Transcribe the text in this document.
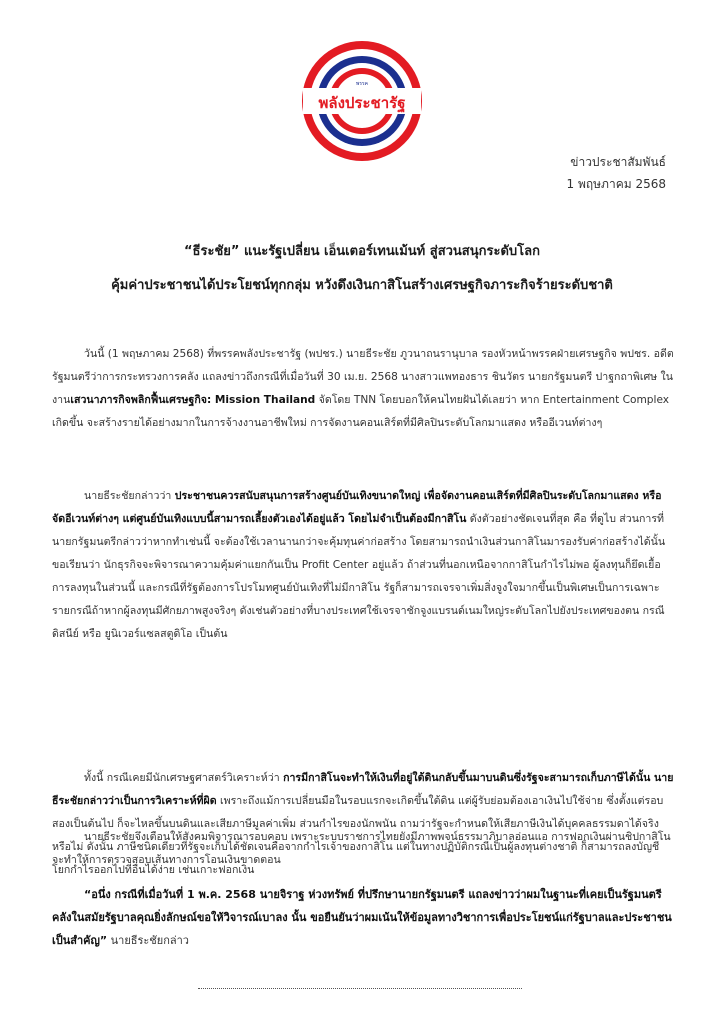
พรรค
พลังประชารัฐ
ข่าวประชาสัมพันธ์
1 พฤษภาคม 2568
“ธีระชัย” แนะรัฐเปลี่ยน เอ็นเตอร์เทนเม้นท์ สู่สวนสนุกระดับโลก
คุ้มค่าประชาชนได้ประโยชน์ทุกกลุ่ม หวังดึงเงินกาสิโนสร้างเศรษฐกิจภาระกิจร้ายระดับชาติ

วันนี้ (1 พฤษภาคม 2568) ที่พรรคพลังประชารัฐ (พปชร.) นายธีระชัย ภูวนาถนรานุบาล รองหัวหน้าพรรคฝ่ายเศรษฐกิจ พปชร. อดีตรัฐมนตรีว่าการกระทรวงการคลัง แถลงข่าวถึงกรณีที่เมื่อวันที่ 30 เม.ย. 2568 นางสาวแพทองธาร ชินวัตร นายกรัฐมนตรี ปาฐกถาพิเศษ ในงานเสวนาภารกิจพลิกฟื้นเศรษฐกิจ: Mission Thailand จัดโดย TNN โดยบอกให้คนไทยฝันได้เลยว่า หาก Entertainment Complex เกิดขึ้น จะสร้างรายได้อย่างมากในการจ้างงานอาชีพใหม่ การจัดงานคอนเสิร์ตที่มีศิลปินระดับโลกมาแสดง หรืออีเวนท์ต่างๆ

นายธีระชัยกล่าวว่า ประชาชนควรสนับสนุนการสร้างศูนย์บันเทิงขนาดใหญ่ เพื่อจัดงานคอนเสิร์ตที่มีศิลปินระดับโลกมาแสดง หรือจัดอีเวนท์ต่างๆ แต่ศูนย์บันเทิงแบบนี้สามารถเลี้ยงตัวเองได้อยู่แล้ว โดยไม่จำเป็นต้องมีกาสิโน ดังตัวอย่างชัดเจนที่สุด คือ ที่ดูไบ ส่วนการที่นายกรัฐมนตรีกล่าวว่าหากทำเช่นนี้ จะต้องใช้เวลานานกว่าจะคุ้มทุนค่าก่อสร้าง โดยสามารถนำเงินส่วนกาสิโนมารองรับค่าก่อสร้างได้นั้น ขอเรียนว่า นักธุรกิจจะพิจารณาความคุ้มค่าแยกกันเป็น Profit Center อยู่แล้ว ถ้าส่วนที่นอกเหนือจากกาสิโนกำไรไม่พอ ผู้ลงทุนก็ยึดเยื้อการลงทุนในส่วนนี้ และกรณีที่รัฐต้องการโปรโมทศูนย์บันเทิงที่ไม่มีกาสิโน รัฐก็สามารถเจรจาเพิ่มสิ่งจูงใจมากขึ้นเป็นพิเศษเป็นการเฉพาะรายกรณีถ้าหากผู้ลงทุนมีศักยภาพสูงจริงๆ ดังเช่นตัวอย่างที่บางประเทศใช้เจรจาชักจูงแบรนด์เนมใหญ่ระดับโลกไปยังประเทศของตน กรณีดิสนีย์ หรือ ยูนิเวอร์แซลสตูดิโอ เป็นต้น

ทั้งนี้ กรณีเคยมีนักเศรษฐศาสตร์วิเคราะห์ว่า การมีกาสิโนจะทำให้เงินที่อยู่ใต้ดินกลับขึ้นมาบนดินซึ่งรัฐจะสามารถเก็บภาษีได้นั้น นายธีระชัยกล่าวว่าเป็นการวิเคราะห์ที่ผิด เพราะถึงแม้การเปลี่ยนมือในรอบแรกจะเกิดขึ้นใต้ดิน แต่ผู้รับย่อมต้องเอาเงินไปใช้จ่าย ซึ่งตั้งแต่รอบสองเป็นต้นไป ก็จะไหลขึ้นบนดินและเสียภาษีมูลค่าเพิ่ม ส่วนกำไรของนักพนัน ถามว่ารัฐจะกำหนดให้เสียภาษีเงินได้บุคคลธรรมดาได้จริงหรือไม่ ดังนั้น ภาษีชนิดเดียวที่รัฐจะเก็บได้ชัดเจนคือจากกำไรเจ้าของกาสิโน แต่ในทางปฏิบัติกรณีเป็นผู้ลงทุนต่างชาติ ก็สามารถลงบัญชีโยกกำไรออกไปที่อื่นได้ง่าย เช่นเกาะฟอกเงิน

นายธีระชัยจึงเตือนให้สังคมพิจารณารอบคอบ เพราะระบบราชการไทยยังมีภาพพจน์ธรรมาภิบาลอ่อนแอ การฟอกเงินผ่านชิปกาสิโนจะทำให้การตรวจสอบเส้นทางการโอนเงินขาดตอน

“อนึ่ง กรณีที่เมื่อวันที่ 1 พ.ค. 2568 นายจิราฐ ห่วงทรัพย์ ที่ปรึกษานายกรัฐมนตรี แถลงข่าวว่าผมในฐานะที่เคยเป็นรัฐมนตรีคลังในสมัยรัฐบาลคุณยิ่งลักษณ์ขอให้วิจารณ์เบาลง นั้น ขอยืนยันว่าผมเน้นให้ข้อมูลทางวิชาการเพื่อประโยชน์แก่รัฐบาลและประชาชนเป็นสำคัญ” นายธีระชัยกล่าว
